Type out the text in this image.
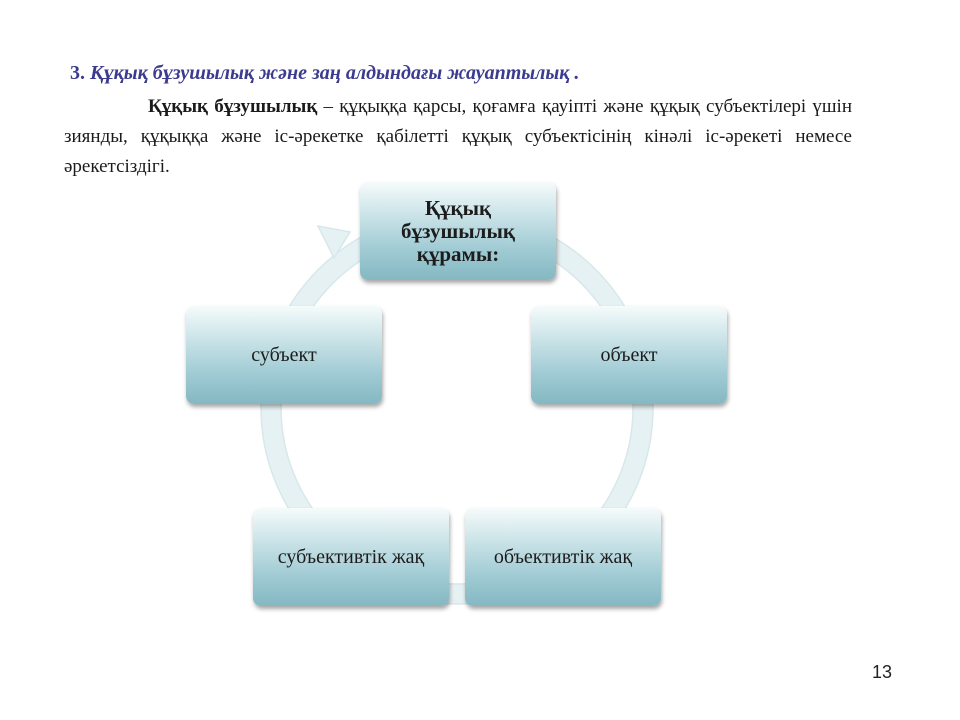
3. Құқық бұзушылық және заң алдындағы жауаптылық .
Құқық бұзушылық – құқыққа қарсы, қоғамға қауіпті және құқық субъектілері үшін зиянды, құқыққа және іс-әрекетке қабілетті құқық субъектісінің кінәлі іс-әрекеті немесе әрекетсіздігі.
Құқық бұзушылық құрамы:
объект
объективтік жақ
субъективтік жақ
субъект
13
